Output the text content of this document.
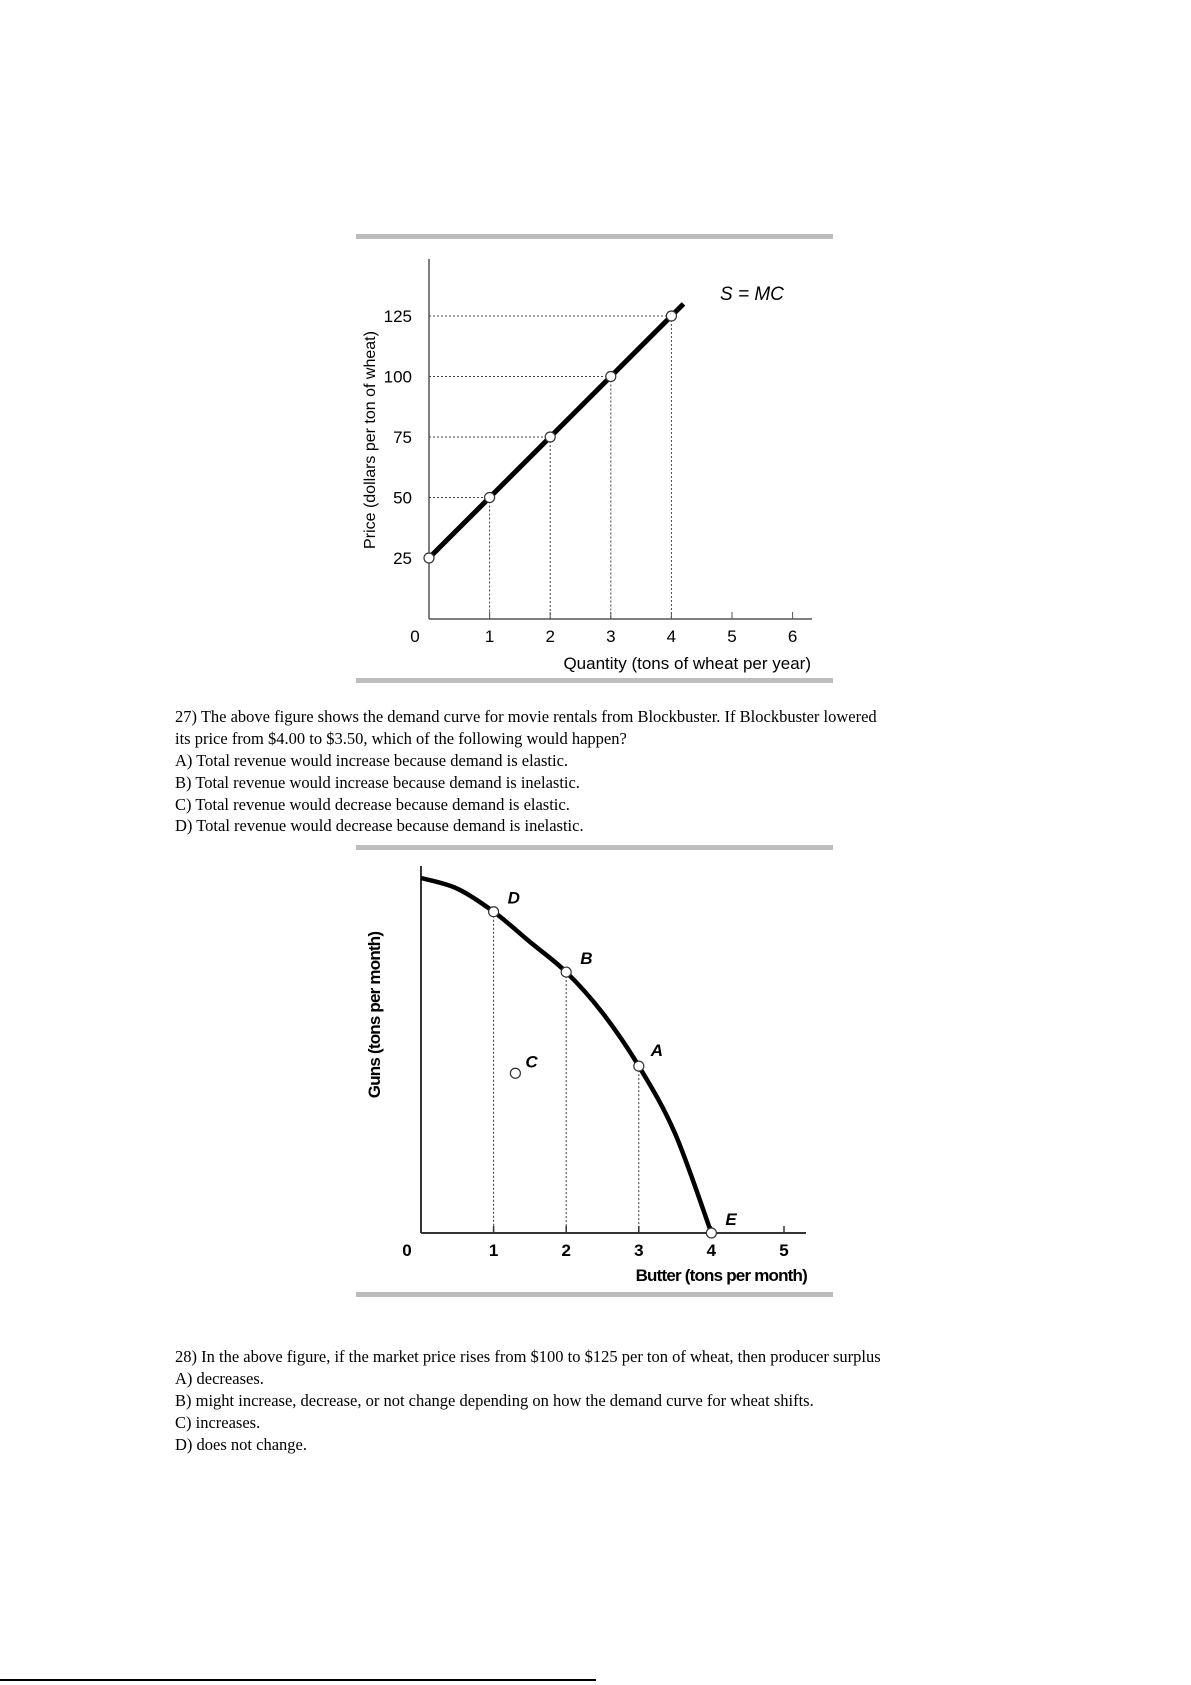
0	1	2	3	4	5	6
25
50
75
100
125
S = MC
Quantity (tons of wheat per year)
Price (dollars per ton of wheat)
0	1	2	3	4	5
D
B
A
E
C
Butter (tons per month)
Guns (tons per month)
27) The above figure shows the demand curve for movie rentals from Blockbuster. If Blockbuster lowered
its price from $4.00 to $3.50, which of the following would happen?
A) Total revenue would increase because demand is elastic.
B) Total revenue would increase because demand is inelastic.
C) Total revenue would decrease because demand is elastic.
D) Total revenue would decrease because demand is inelastic.
28) In the above figure, if the market price rises from $100 to $125 per ton of wheat, then producer surplus
A) decreases.
B) might increase, decrease, or not change depending on how the demand curve for wheat shifts.
C) increases.
D) does not change.
